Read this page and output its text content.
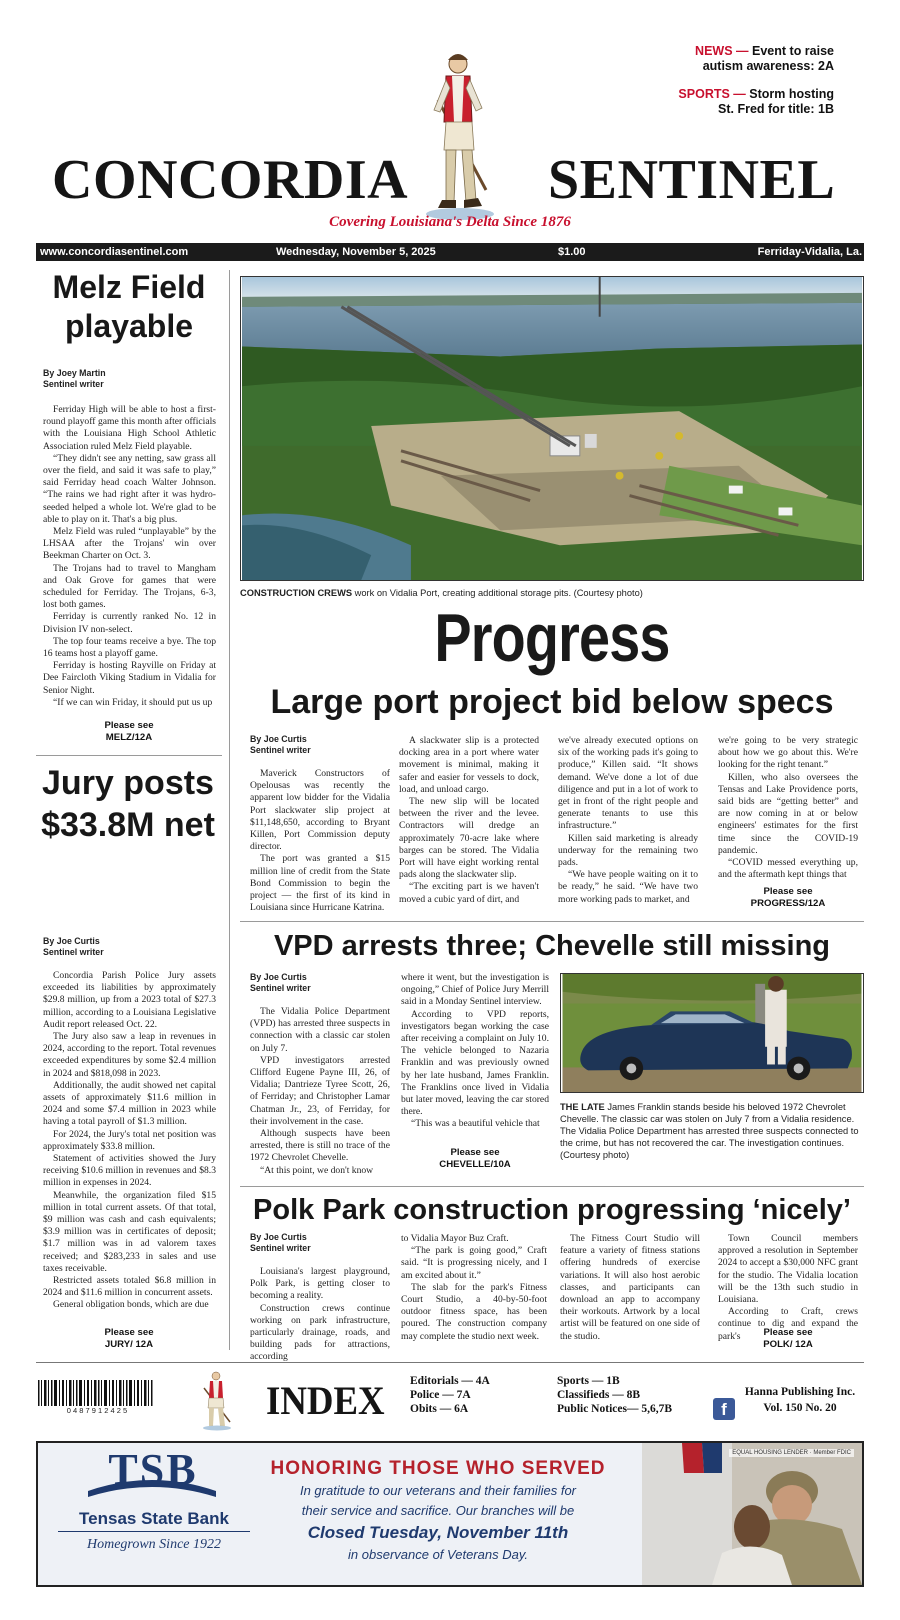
NEWS — Event to raise
autism awareness: 2A
SPORTS — Storm hosting
St. Fred for title: 1B
CONCORDIA SENTINEL
Covering Louisiana's Delta Since 1876
www.concordiasentinel.com	Wednesday, November 5, 2025	$1.00	Ferriday-Vidalia, La.
Melz Field playable
By Joey Martin
Sentinel writer

Ferriday High will be able to host a first-round playoff game this month after officials with the Louisiana High School Athletic Association ruled Melz Field playable.

“They didn't see any netting, saw grass all over the field, and said it was safe to play,” said Ferriday head coach Walter Johnson. “The rains we had right after it was hydro-seeded helped a whole lot. We're glad to be able to play on it. That's a big plus.

Melz Field was ruled “unplayable” by the LHSAA after the Trojans' win over Beekman Charter on Oct. 3.

The Trojans had to travel to Mangham and Oak Grove for games that were scheduled for Ferriday. The Trojans, 6-3, lost both games.

Ferriday is currently ranked No. 12 in Division IV non-select.

The top four teams receive a bye. The top 16 teams host a playoff game.

Ferriday is hosting Rayville on Friday at Dee Faircloth Viking Stadium in Vidalia for Senior Night.

“If we can win Friday, it should put us up

Please see
MELZ/12A
Jury posts $33.8M net
By Joe Curtis
Sentinel writer

Concordia Parish Police Jury assets exceeded its liabilities by approximately $29.8 million, up from a 2023 total of $27.3 million, according to a Louisiana Legislative Audit report released Oct. 22.

The Jury also saw a leap in revenues in 2024, according to the report. Total revenues exceeded expenditures by some $2.4 million in 2024 and $818,098 in 2023.

Additionally, the audit showed net capital assets of approximately $11.6 million in 2024 and some $7.4 million in 2023 while having a total payroll of $1.3 million.

For 2024, the Jury's total net position was approximately $33.8 million.

Statement of activities showed the Jury receiving $10.6 million in revenues and $8.3 million in expenses in 2024.

Meanwhile, the organization filed $15 million in total current assets. Of that total, $9 million was cash and cash equivalents; $3.9 million was in certificates of deposit; $1.7 million was in ad valorem taxes received; and $283,233 in sales and use taxes receivable.

Restricted assets totaled $6.8 million in 2024 and $11.6 million in concurrent assets.

General obligation bonds, which are due

Please see
JURY/ 12A
CONSTRUCTION CREWS work on Vidalia Port, creating additional storage pits. (Courtesy photo)
Progress
Large port project bid below specs
By Joe Curtis
Sentinel writer

Maverick Constructors of Opelousas was recently the apparent low bidder for the Vidalia Port slackwater slip project at $11,148,650, according to Bryant Killen, Port Commission deputy director.

The port was granted a $15 million line of credit from the State Bond Commission to begin the project — the first of its kind in Louisiana since Hurricane Katrina.

A slackwater slip is a protected docking area in a port where water movement is minimal, making it safer and easier for vessels to dock, load, and unload cargo.

The new slip will be located between the river and the levee. Contractors will dredge an approximately 70-acre lake where barges can be stored. The Vidalia Port will have eight working rental pads along the slackwater slip.

“The exciting part is we haven't moved a cubic yard of dirt, and

we've already executed options on six of the working pads it's going to produce,” Killen said. “It shows demand. We've done a lot of due diligence and put in a lot of work to get in front of the right people and generate tenants to use this infrastructure.”

Killen said marketing is already underway for the remaining two pads.

“We have people waiting on it to be ready,” he said. “We have two more working pads to market, and

we're going to be very strategic about how we go about this. We're looking for the right tenant.”

Killen, who also oversees the Tensas and Lake Providence ports, said bids are “getting better” and are now coming in at or below engineers' estimates for the first time since the COVID-19 pandemic.

“COVID messed everything up, and the aftermath kept things that

Please see
PROGRESS/12A
VPD arrests three; Chevelle still missing
By Joe Curtis
Sentinel writer

The Vidalia Police Department (VPD) has arrested three suspects in connection with a classic car stolen on July 7.

VPD investigators arrested Clifford Eugene Payne III, 26, of Vidalia; Dantrieze Tyree Scott, 26, of Ferriday; and Christopher Lamar Chatman Jr., 23, of Ferriday, for their involvement in the case.

Although suspects have been arrested, there is still no trace of the 1972 Chevrolet Chevelle.

“At this point, we don't know

where it went, but the investigation is ongoing,” Chief of Police Jury Merrill said in a Monday Sentinel interview.

According to VPD reports, investigators began working the case after receiving a complaint on July 10. The vehicle belonged to Nazaria Franklin and was previously owned by her late husband, James Franklin. The Franklins once lived in Vidalia but later moved, leaving the car stored there.

“This was a beautiful vehicle that

Please see
CHEVELLE/10A
THE LATE James Franklin stands beside his beloved 1972 Chevrolet Chevelle. The classic car was stolen on July 7 from a Vidalia residence. The Vidalia Police Department has arrested three suspects connected to the crime, but has not recovered the car. The investigation continues. (Courtesy photo)
Polk Park construction progressing ‘nicely’
By Joe Curtis
Sentinel writer

Louisiana's largest playground, Polk Park, is getting closer to becoming a reality.

Construction crews continue working on park infrastructure, particularly drainage, roads, and building pads for attractions, according

to Vidalia Mayor Buz Craft.

“The park is going good,” Craft said. “It is progressing nicely, and I am excited about it.”

The slab for the park's Fitness Court Studio, a 40-by-50-foot outdoor fitness space, has been poured. The construction company may complete the studio next week.

The Fitness Court Studio will feature a variety of fitness stations offering hundreds of exercise variations. It will also host aerobic classes, and participants can download an app to accompany their workouts. Artwork by a local artist will be featured on one side of the studio.

Town Council members approved a resolution in September 2024 to accept a $30,000 NFC grant for the studio. The Vidalia location will be the 13th such studio in Louisiana.

According to Craft, crews continue to dig and expand the park's	Please see
POLK/ 12A
0 4 8 7 9 1 2 4 2 5	INDEX Editorials — 4A
Police — 7A
Obits — 6A
Sports — 1B
Classifieds — 8B
Public Notices— 5,6,7B	f
Hanna Publishing Inc.
Vol. 150 No. 20
TSB
Tensas State Bank
Homegrown Since 1922
HONORING THOSE WHO SERVED
In gratitude to our veterans and their families for
their service and sacrifice. Our branches will be
Closed Tuesday, November 11th
in observance of Veterans Day.
EQUAL HOUSING LENDER · Member FDIC
